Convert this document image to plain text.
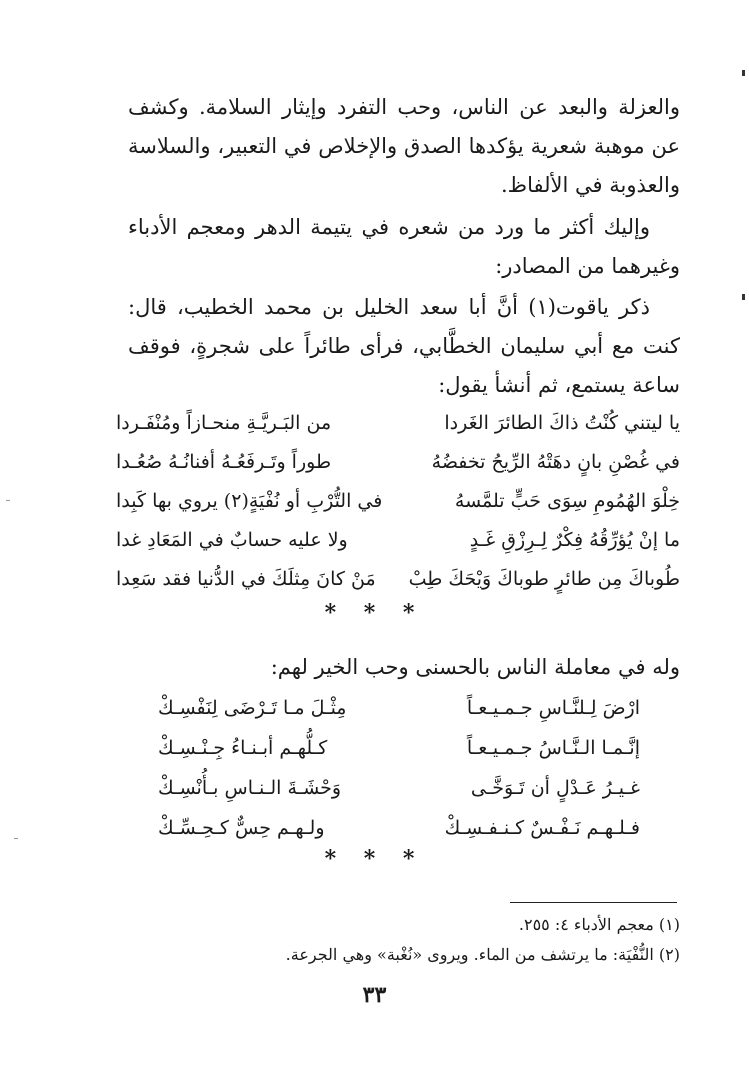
والعزلة والبعد عن الناس، وحب التفرد وإيثار السلامة. وكشف عن موهبة شعرية يؤكدها الصدق والإخلاص في التعبير، والسلاسة والعذوبة في الألفاظ.

وإليك أكثر ما ورد من شعره في يتيمة الدهر ومعجم الأدباء وغيرهما من المصادر:

ذكر ياقوت(١) أنَّ أبا سعد الخليل بن محمد الخطيب، قال: كنت مع أبي سليمان الخطَّابي، فرأى طائراً على شجرةٍ، فوقف ساعة يستمع، ثم أنشأ يقول:

يا ليتني كُنْتُ ذاكَ الطائرَ الغَردا
من البَـريَّـةِ منحـازاً ومُنْفَـردا
في غُصْنِ بانٍ دهَتْهُ الرِّيحُ تخفضُهُ
طوراً وتَـرفَعُـهُ أفنانُـهُ صُعُـدا
خِلْوَ الهُمُومِ سِوَى حَبٍّ تلمَّسهُ
في التُّرْبِ أو نُفْيَةٍ(٢) يروي بها كَبِدا
ما إنْ يُؤرِّقُهُ فِكْرٌ لِـرِزْقِ غَـدٍ
ولا عليه حسابٌ في المَعَادِ غدا
طُوباكَ مِن طائرٍ طوباكَ وَيْحَكَ طِبْ
مَنْ كانَ مِثلَكَ في الدُّنيا فقد سَعِدا
* * *

وله في معاملة الناس بالحسنى وحب الخير لهم:

ارْضَ لِـلنَّـاسِ جـمـيـعـاً
مِثْـلَ مـا تَـرْضَى لِنَفْسِـكْ
إنَّـمـا الـنَّـاسُ جـمـيـعـاً
كـلُّهـم أبـنـاءُ جِـنْـسِـكْ
غـيـرُ عَـدْلٍ أن تَـوَخَّـى
وَحْشَـةَ الـنـاسِ بـأُنْسِـكْ
فـلـهـم نَـفْـسٌ كـنـفـسِـكْ
ولـهـم حِسٌّ كـحِـسِّـكْ
* * *

(١) معجم الأدباء ٤: ٢٥٥.

(٢) النُّفْيَة: ما يرتشف من الماء. ويروى «نُغْبة» وهي الجرعة.

٣٣
